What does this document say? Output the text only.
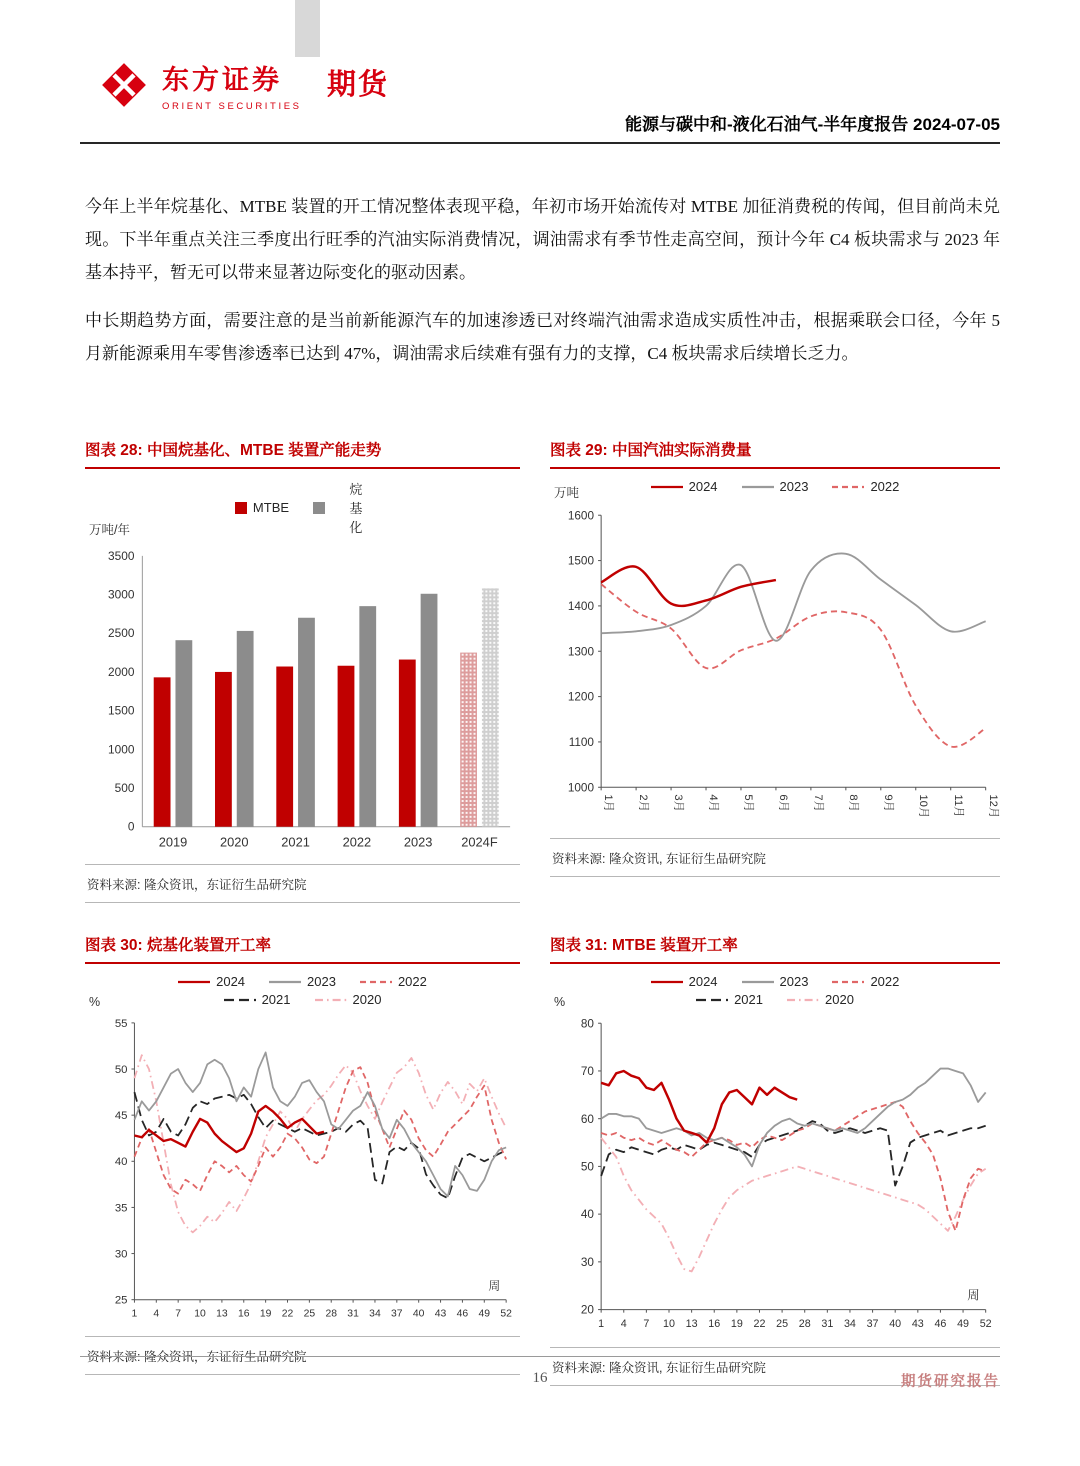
东方证券
ORIENT SECURITIES
期货
能源与碳中和-液化石油气-半年度报告 2024-07-05

今年上半年烷基化、MTBE 装置的开工情况整体表现平稳，年初市场开始流传对 MTBE 加征消费税的传闻，但目前尚未兑现。下半年重点关注三季度出行旺季的汽油实际消费情况，调油需求有季节性走高空间，预计今年 C4 板块需求与 2023 年基本持平，暂无可以带来显著边际变化的驱动因素。

中长期趋势方面，需要注意的是当前新能源汽车的加速渗透已对终端汽油需求造成实质性冲击，根据乘联会口径，今年 5 月新能源乘用车零售渗透率已达到 47%，调油需求后续难有强有力的支撑，C4 板块需求后续增长乏力。

图表 28: 中国烷基化、MTBE 装置产能走势
万吨/年
MTBE
烷基化
0
500
1000
1500
2000
2500
3000
3500
2019	2020	2021	2022	2023 2024F
资料来源: 隆众资讯，东证衍生品研究院
图表 29: 中国汽油实际消费量
万吨	2024	2023	2022
1000
1100
1200
1300
1400
1500
1600
1月 2月 3月 4月 5月 6月 7月 8月 9月 10月 11月 12月
资料来源: 隆众资讯, 东证衍生品研究院
图表 30: 烷基化装置开工率
%
2024	2023	2022
2021	2020
25
30
35
40
45
50
55
1 4 7 10 13 16 19 22 25 28 31 34 37 40 43 46 49 52
周
资料来源: 隆众资讯，东证衍生品研究院
图表 31: MTBE 装置开工率
%
2024	2023	2022
2021	2020
20
30
40
50
60
70
80
1 4 7 10 13 16 19 22 25 28 31 34 37 40 43 46 49 52
周
资料来源: 隆众资讯, 东证衍生品研究院
16	期货研究报告
